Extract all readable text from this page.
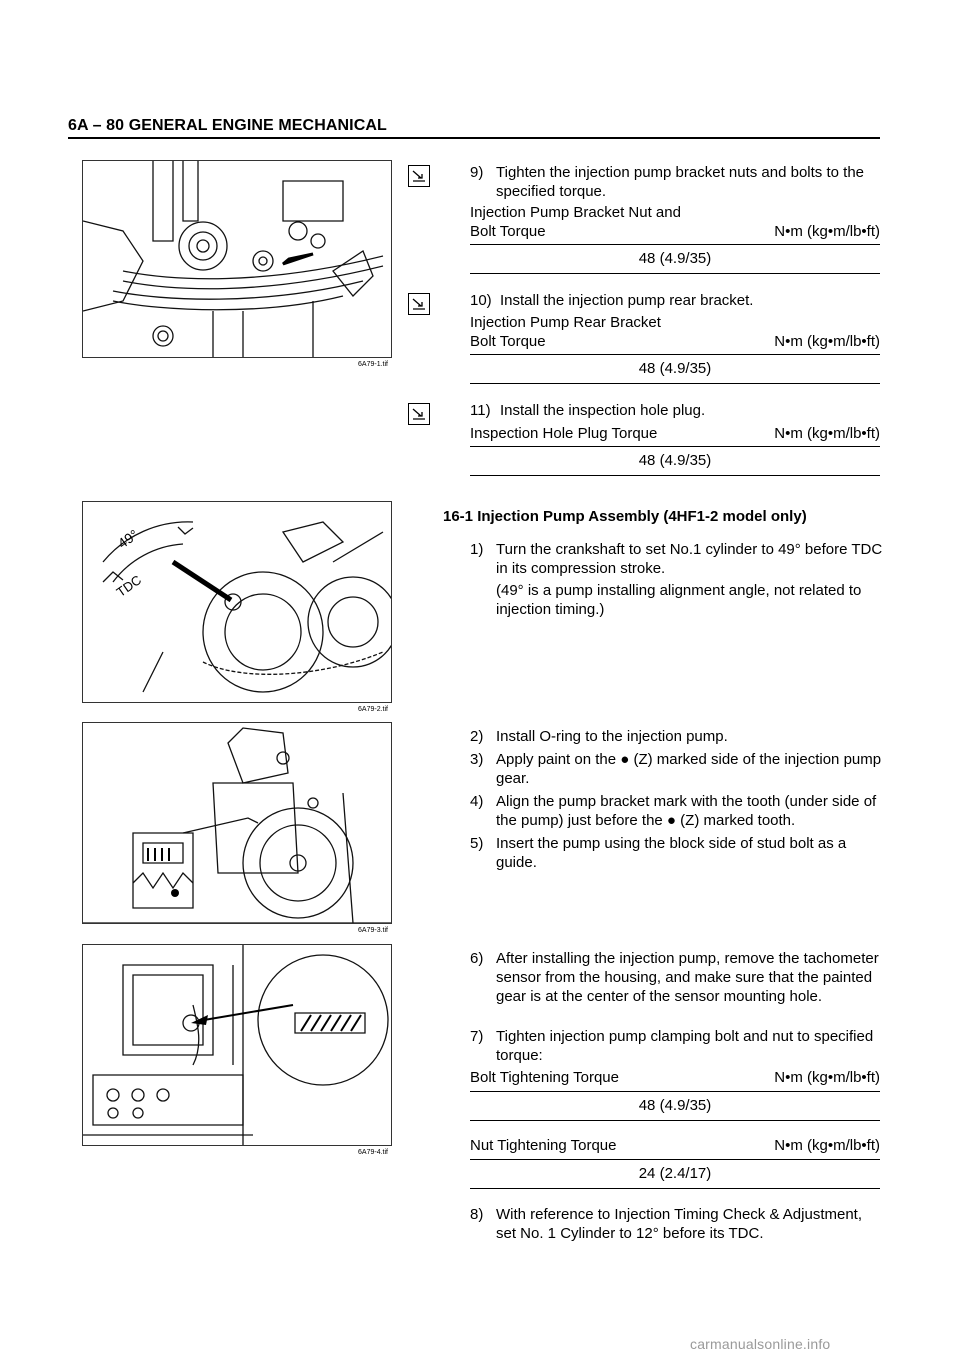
6A – 80 GENERAL ENGINE MECHANICAL
6A79-1.tif
9) Tighten the injection pump bracket nuts and bolts to the specified torque.
Injection Pump Bracket Nut and
Bolt Torque	N•m (kg•m/lb•ft)
48 (4.9/35)
10) Install the injection pump rear bracket.
Injection Pump Rear Bracket
Bolt Torque	N•m (kg•m/lb•ft)
48 (4.9/35)
11) Install the inspection hole plug.
Inspection Hole Plug Torque	N•m (kg•m/lb•ft)
48 (4.9/35)
49°
TDC
6A79-2.tif
16-1 Injection Pump Assembly (4HF1-2 model only)
1) Turn the crankshaft to set No.1 cylinder to 49° before TDC in its compression stroke.
(49° is a pump installing alignment angle, not related to injection timing.)
6A79-3.tif
2) Install O-ring to the injection pump.
3) Apply paint on the ● (Z) marked side of the injection pump gear.
4) Align the pump bracket mark with the tooth (under side of the pump) just before the ● (Z) marked tooth.
5) Insert the pump using the block side of stud bolt as a guide.
6A79-4.tif
6) After installing the injection pump, remove the tachometer sensor from the housing, and make sure that the painted gear is at the center of the sensor mounting hole.
7) Tighten injection pump clamping bolt and nut to specified torque:
Bolt Tightening Torque	N•m (kg•m/lb•ft)
48 (4.9/35)
Nut Tightening Torque	N•m (kg•m/lb•ft)
24 (2.4/17)
8) With reference to Injection Timing Check & Adjustment, set No. 1 Cylinder to 12° before its TDC.
carmanualsonline.info
